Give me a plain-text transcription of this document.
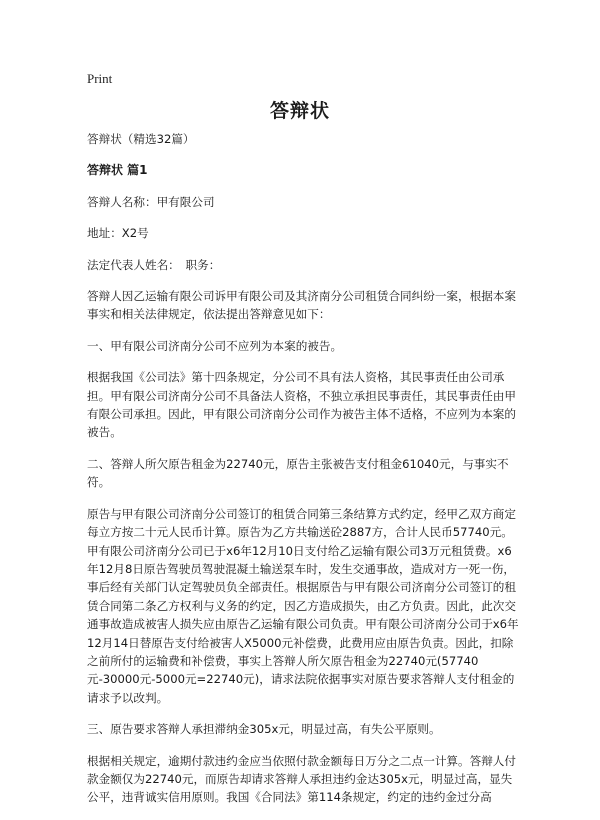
Print
答辩状

答辩状（精选32篇）

答辩状 篇1

答辩人名称：甲有限公司

地址：X2号

法定代表人姓名：　职务：

答辩人因乙运输有限公司诉甲有限公司及其济南分公司租赁合同纠纷一案，根据本案事实和相关法律规定，依法提出答辩意见如下：

一、甲有限公司济南分公司不应列为本案的被告。

根据我国《公司法》第十四条规定，分公司不具有法人资格，其民事责任由公司承担。甲有限公司济南分公司不具备法人资格，不独立承担民事责任，其民事责任由甲有限公司承担。因此，甲有限公司济南分公司作为被告主体不适格，不应列为本案的被告。

二、答辩人所欠原告租金为22740元，原告主张被告支付租金61040元，与事实不符。

原告与甲有限公司济南分公司签订的租赁合同第三条结算方式约定，经甲乙双方商定每立方按二十元人民币计算。原告为乙方共输送砼2887方，合计人民币57740元。甲有限公司济南分公司已于x6年12月10日支付给乙运输有限公司3万元租赁费。x6年12月8日原告驾驶员驾驶混凝土输送泵车时，发生交通事故，造成对方一死一伤，事后经有关部门认定驾驶员负全部责任。根据原告与甲有限公司济南分公司签订的租赁合同第二条乙方权利与义务的约定，因乙方造成损失，由乙方负责。因此，此次交通事故造成被害人损失应由原告乙运输有限公司负责。甲有限公司济南分公司于x6年12月14日替原告支付给被害人X5000元补偿费，此费用应由原告负责。因此，扣除之前所付的运输费和补偿费，事实上答辩人所欠原告租金为22740元(57740元-30000元-5000元=22740元)，请求法院依据事实对原告要求答辩人支付租金的请求予以改判。

三、原告要求答辩人承担滞纳金305x元，明显过高，有失公平原则。

根据相关规定，逾期付款违约金应当依照付款金额每日万分之二点一计算。答辩人付款金额仅为22740元，而原告却请求答辩人承担违约金达305x元，明显过高，显失公平，违背诚实信用原则。我国《合同法》第114条规定，约定的违约金过分高
